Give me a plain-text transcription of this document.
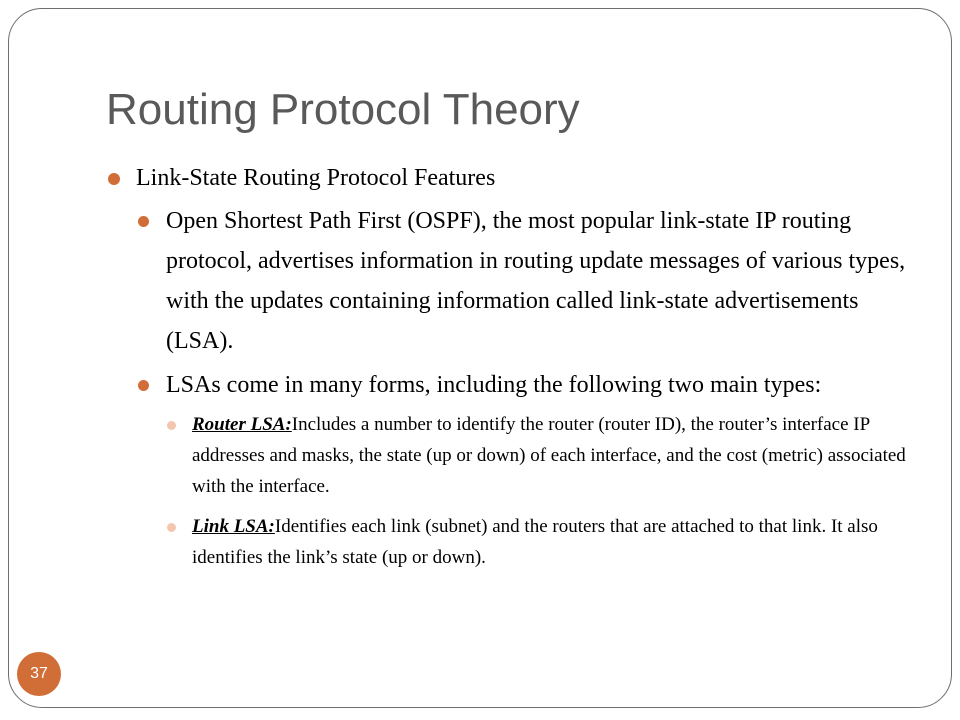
Routing Protocol Theory
Link-State Routing Protocol Features
Open Shortest Path First (OSPF), the most popular link-state IP routing protocol, advertises information in routing update messages of various types, with the updates containing information called link-state advertisements (LSA).
LSAs come in many forms, including the following two main types:
Router LSA:Includes a number to identify the router (router ID), the router’s interface IP addresses and masks, the state (up or down) of each interface, and the cost (metric) associated with the interface.
Link LSA:Identifies each link (subnet) and the routers that are attached to that link. It also identifies the link’s state (up or down).
37
